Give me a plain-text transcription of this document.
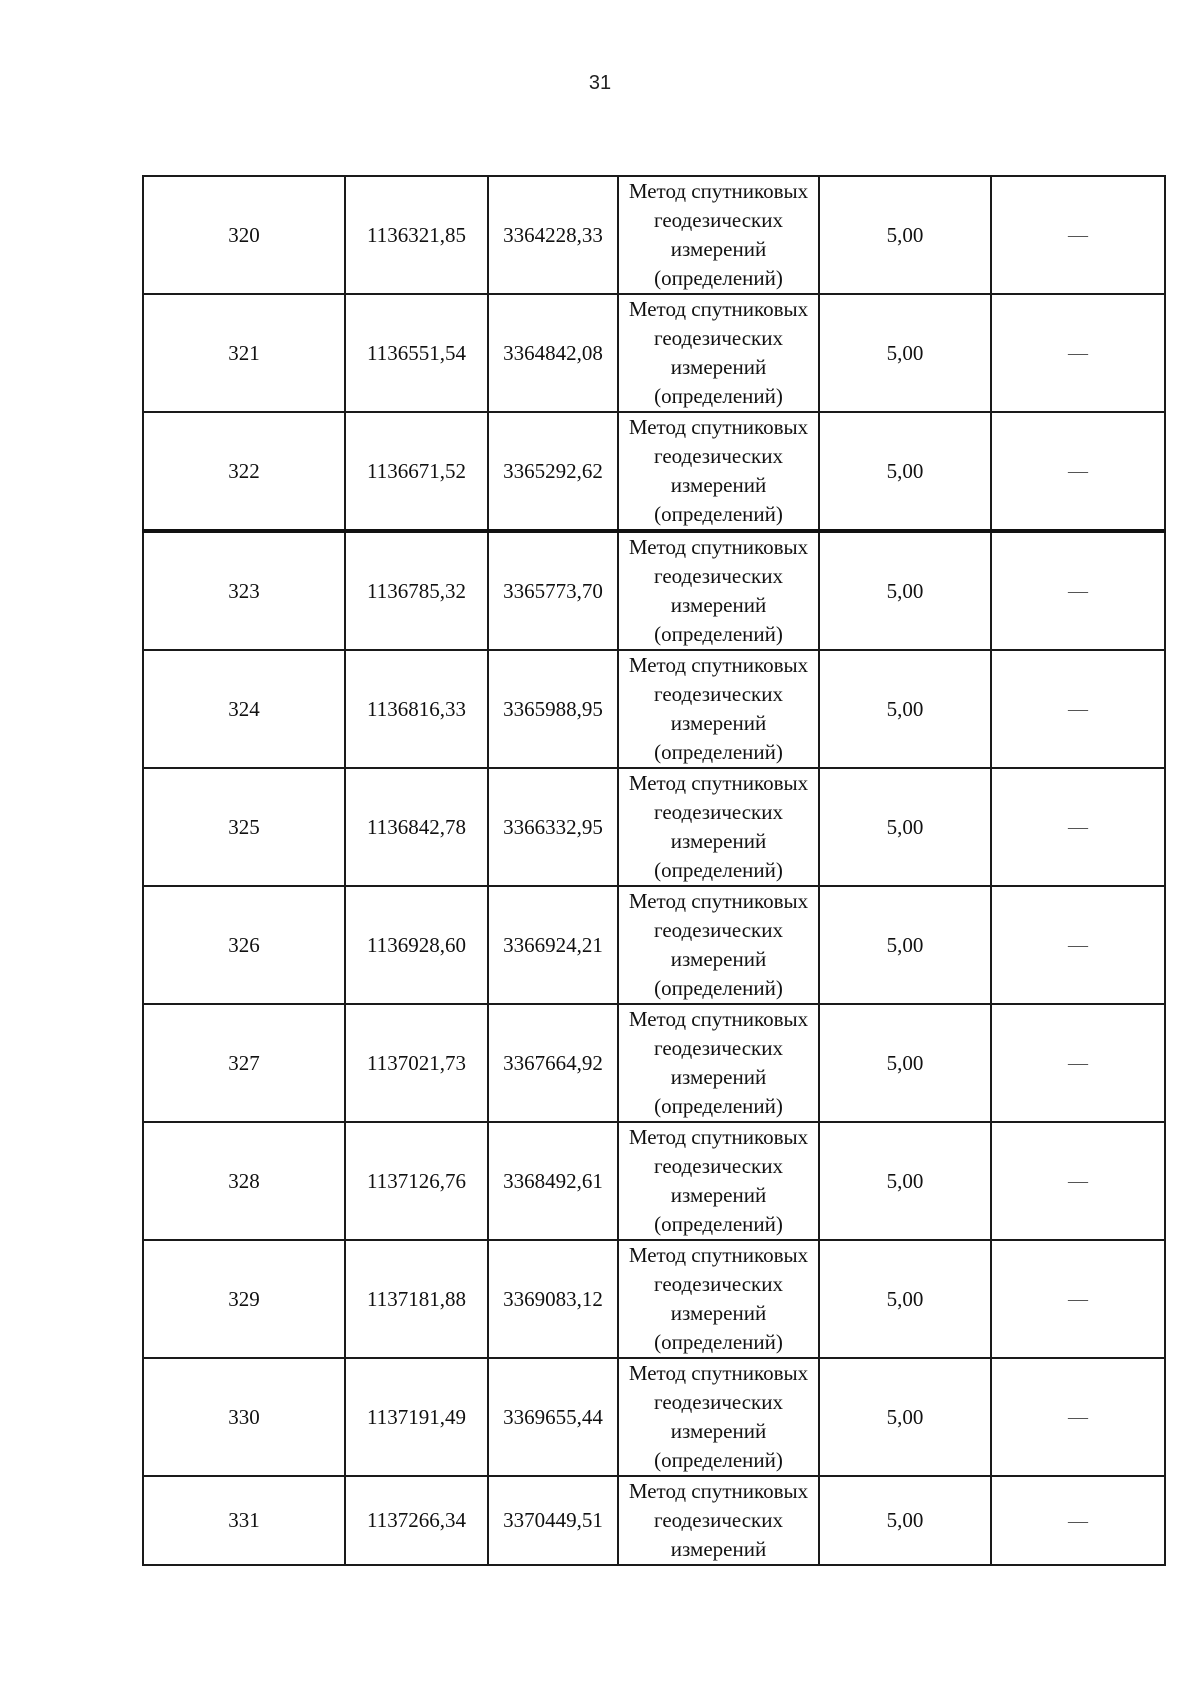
31
320	1136321,85	3364228,33	Метод спутниковых
геодезических
измерений
(определений)	5,00	—
321	1136551,54	3364842,08	Метод спутниковых
геодезических
измерений
(определений)	5,00	—
322	1136671,52	3365292,62	Метод спутниковых
геодезических
измерений
(определений)	5,00	—
323	1136785,32	3365773,70	Метод спутниковых
геодезических
измерений
(определений)	5,00	—
324	1136816,33	3365988,95	Метод спутниковых
геодезических
измерений
(определений)	5,00	—
325	1136842,78	3366332,95	Метод спутниковых
геодезических
измерений
(определений)	5,00	—
326	1136928,60	3366924,21	Метод спутниковых
геодезических
измерений
(определений)	5,00	—
327	1137021,73	3367664,92	Метод спутниковых
геодезических
измерений
(определений)	5,00	—
328	1137126,76	3368492,61	Метод спутниковых
геодезических
измерений
(определений)	5,00	—
329	1137181,88	3369083,12	Метод спутниковых
геодезических
измерений
(определений)	5,00	—
330	1137191,49	3369655,44	Метод спутниковых
геодезических
измерений
(определений)	5,00	—
331	1137266,34	3370449,51	Метод спутниковых
геодезических
измерений	5,00	—
